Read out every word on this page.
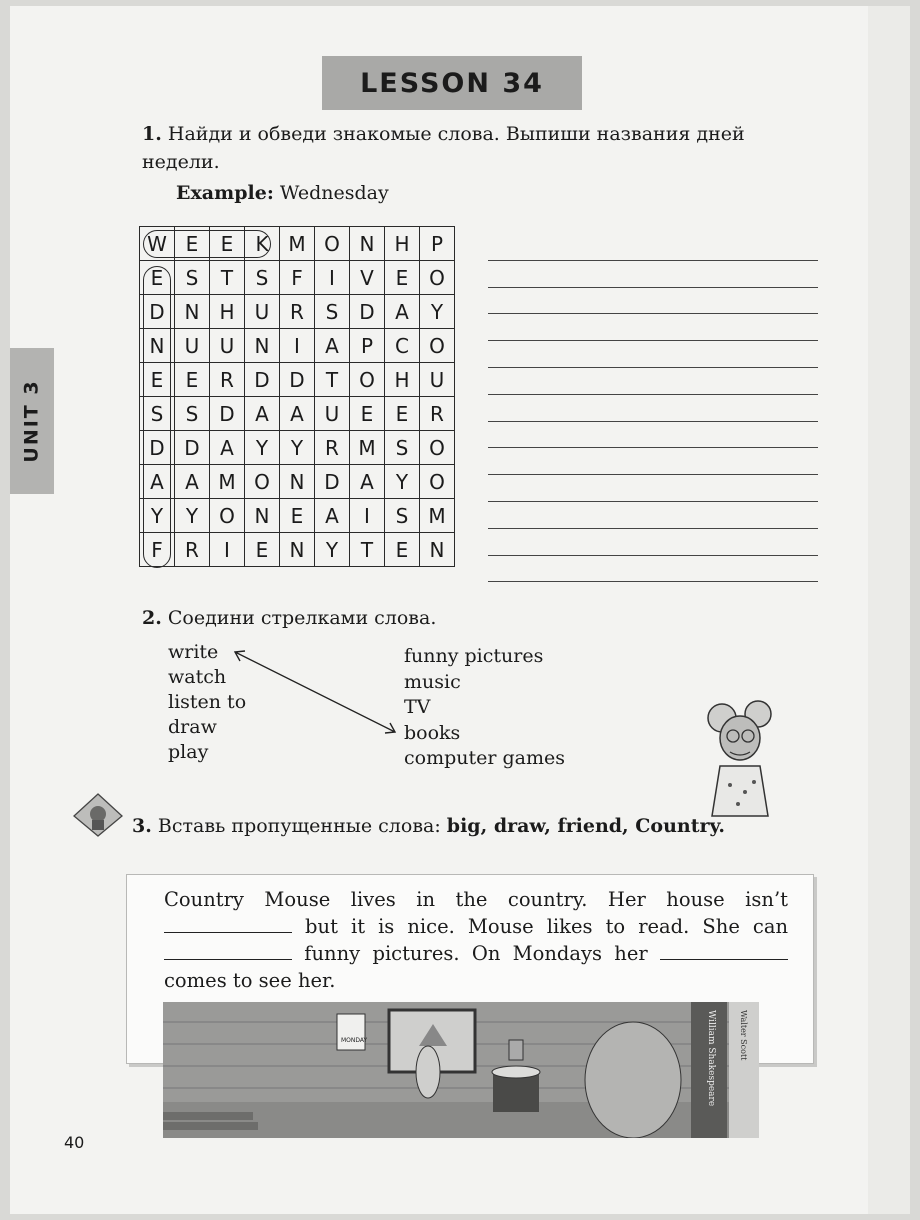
LESSON 34
UNIT 3
1. Найди и обведи знакомые слова. Выпиши названия дней недели.
Example: Wednesday
W	E	E	K	M	O	N	H	P
E	S	T	S	F	I	V	E	O
D	N	H	U	R	S	D	A	Y
N	U	U	N	I	A	P	C	O
E	E	R	D	D	T	O	H	U
S	S	D	A	A	U	E	E	R
D	D	A	Y	Y	R	M	S	O
A	A	M	O	N	D	A	Y	O
Y	Y	O	N	E	A	I	S	M
F	R	I	E	N	Y	T	E	N
2. Соедини стрелками слова.
write
watch
listen to
draw
play
funny pictures
music
TV
books
computer games
3. Вставь пропущенные слова: big, draw, friend, Country.
Country Mouse lives in the country. Her house isn’t  but it is nice. Mouse likes to read. She can  funny pictures. On Mondays her  comes to see her.
MONDAY	William Shakespeare	Walter Scott
40
